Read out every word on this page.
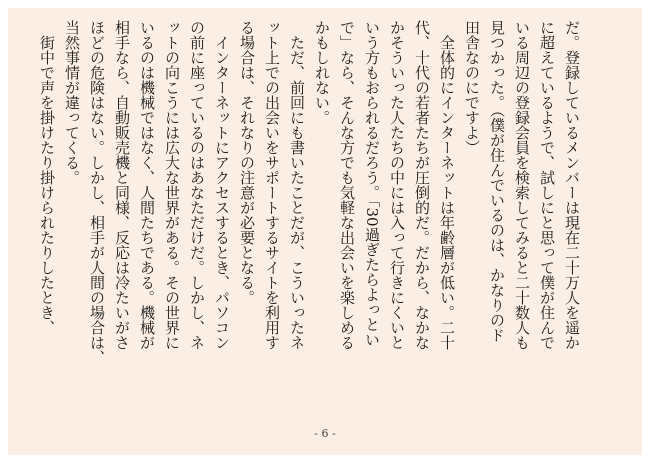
だ。登録しているメンバーは現在二十万人を遥か
に超えているようで、試しにと思って僕が住んで
いる周辺の登録会員を検索してみると二十数人も
見つかった。（僕が住んでいるのは、かなりのド
田舎なのにですよ）

　全体的にインターネットは年齢層が低い。二十
代、十代の若者たちが圧倒的だ。だから、なかな
かそういった人たちの中には入って行きにくいと
いう方もおられるだろう。「30過ぎたらよっとい
で」なら、そんな方でも気軽な出会いを楽しめる
かもしれない。

　ただ、前回にも書いたことだが、こういったネ
ット上での出会いをサポートするサイトを利用す
る場合は、それなりの注意が必要となる。

　インターネットにアクセスするとき、パソコン
の前に座っているのはあなただけだ。しかし、ネ
ットの向こうには広大な世界がある。その世界に
いるのは機械ではなく、人間たちである。機械が
相手なら、自動販売機と同様、反応は冷たいがさ
ほどの危険はない。しかし、相手が人間の場合は、
当然事情が違ってくる。

　街中で声を掛けたり掛けられたりしたとき、

- 6 -
